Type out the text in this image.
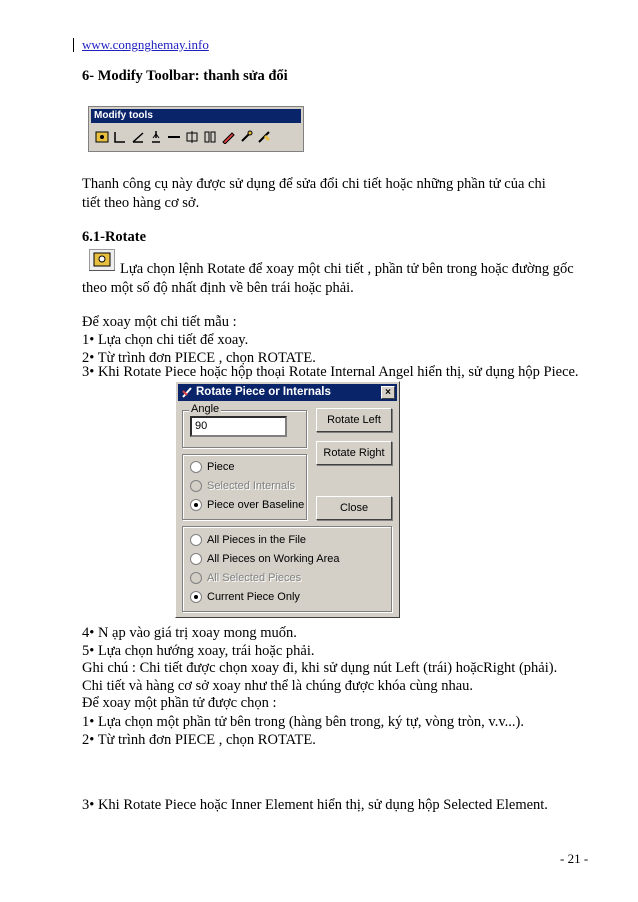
www.congnghemay.info
6- Modify Toolbar: thanh sửa đổi
Modify tools
Thanh công cụ này được sử dụng để sửa đổi chi tiết hoặc những phần tử của chi
tiết theo hàng cơ sở.
6.1-Rotate
Lựa chọn lệnh Rotate để xoay một chi tiết , phần tử bên trong hoặc đường gốc
theo một số độ nhất định về bên trái hoặc phải.
Để xoay một chi tiết mẫu :
1• Lựa chọn chi tiết để xoay.
2• Từ trình đơn PIECE , chọn ROTATE.
3• Khi Rotate Piece hoặc hộp thoại Rotate Internal Angel hiển thị, sử dụng hộp Piece.
Rotate Piece or Internals	×
Angle
90	Rotate Left
Rotate Right
Close
Piece
Selected Internals
Piece over Baseline
All Pieces in the File
All Pieces on Working Area
All Selected Pieces
Current Piece Only
4• N ạp vào giá trị xoay mong muốn.
5• Lựa chọn hướng xoay, trái hoặc phải.
Ghi chú : Chi tiết được chọn xoay đi, khi sử dụng nút Left (trái) hoặcRight (phải).
Chi tiết và hàng cơ sở xoay như thể là chúng được khóa cùng nhau.
Để xoay một phần tử được chọn :
1• Lựa chọn một phần tử bên trong (hàng bên trong, ký tự, vòng tròn, v.v...).
2• Từ trình đơn PIECE , chọn ROTATE.
3• Khi Rotate Piece hoặc Inner Element hiển thị, sử dụng hộp Selected Element.
- 21 -
